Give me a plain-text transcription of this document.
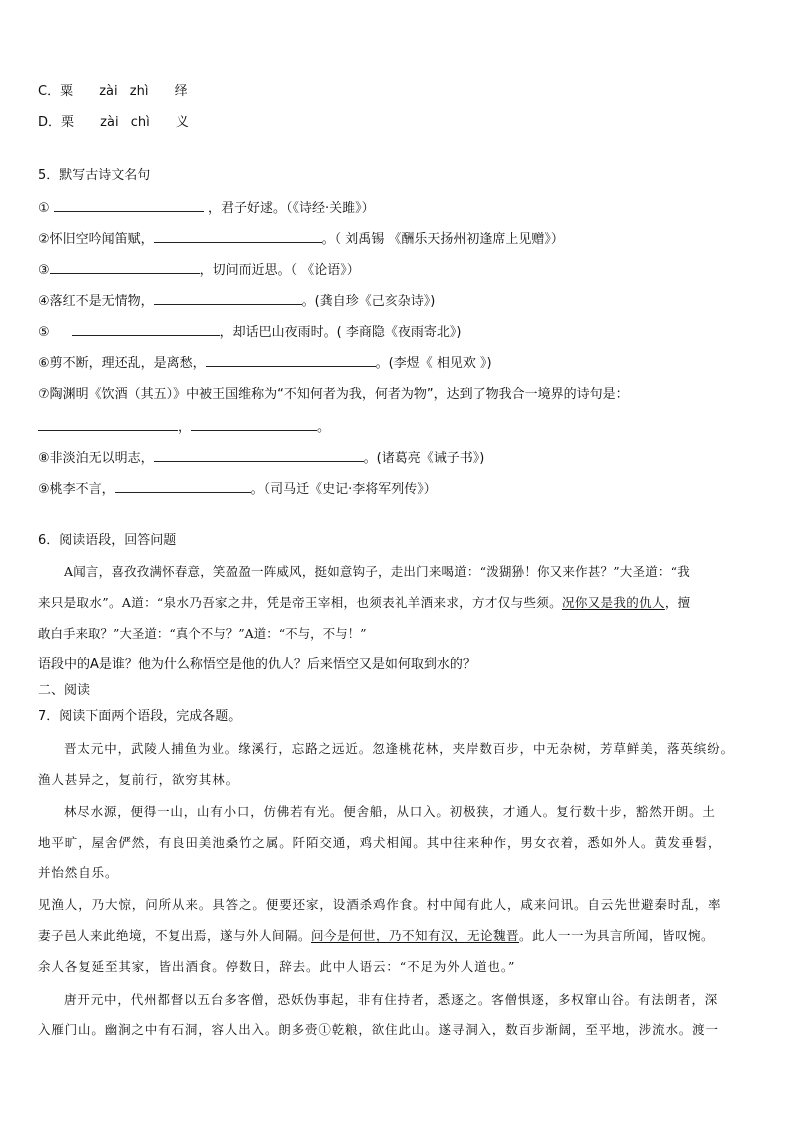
C．粟 zài zhì 绎
D．栗 zài chì 义
5．默写古诗文名句
①	，君子好逑。（《诗经·关雎》）
②怀旧空吟闻笛赋，	。（ 刘禹锡 《酬乐天扬州初逢席上见赠》）
③	，切问而近思。（ 《论语》）
④落红不是无情物，	。(龚自珍《己亥杂诗》)
⑤	，却话巴山夜雨时。( 李商隐《夜雨寄北》)
⑥剪不断，理还乱，是离愁，	。(李煜《 相见欢 》)
⑦陶渊明《饮酒（其五）》中被王国维称为“不知何者为我，何者为物”，达到了物我合一境界的诗句是：
，	。
⑧非淡泊无以明志，	。(诸葛亮《诫子书》)
⑨桃李不言，	。（司马迁《史记·李将军列传》）
6．阅读语段，回答问题
A闻言，喜孜孜满怀春意，笑盈盈一阵威风，挺如意钩子，走出门来喝道：“泼猢狲！你又来作甚？”大圣道：“我
来只是取水”。A道：“泉水乃吾家之井，凭是帝王宰相，也须表礼羊酒来求，方才仅与些须。况你又是我的仇人，擅
敢白手来取？”大圣道：“真个不与？”A道：“不与，不与！”
语段中的A是谁？他为什么称悟空是他的仇人？后来悟空又是如何取到水的？
二、阅读
7．阅读下面两个语段，完成各题。
晋太元中，武陵人捕鱼为业。缘溪行，忘路之远近。忽逢桃花林，夹岸数百步，中无杂树，芳草鲜美，落英缤纷。
渔人甚异之，复前行，欲穷其林。
林尽水源，便得一山，山有小口，仿佛若有光。便舍船，从口入。初极狭，才通人。复行数十步，豁然开朗。土
地平旷，屋舍俨然，有良田美池桑竹之属。阡陌交通，鸡犬相闻。其中往来种作，男女衣着，悉如外人。黄发垂髫，
并怡然自乐。
见渔人，乃大惊，问所从来。具答之。便要还家，设酒杀鸡作食。村中闻有此人，咸来问讯。自云先世避秦时乱，率
妻子邑人来此绝境，不复出焉，遂与外人间隔。问今是何世，乃不知有汉，无论魏晋。此人一一为具言所闻，皆叹惋。
余人各复延至其家，皆出酒食。停数日，辞去。此中人语云：“不足为外人道也。”
唐开元中，代州都督以五台多客僧，恐妖伪事起，非有住持者，悉逐之。客僧惧逐，多权窜山谷。有法朗者，深
入雁门山。幽涧之中有石洞，容人出入。朗多赍①乾粮，欲住此山。遂寻洞入，数百步渐阔，至平地，涉流水。渡一
